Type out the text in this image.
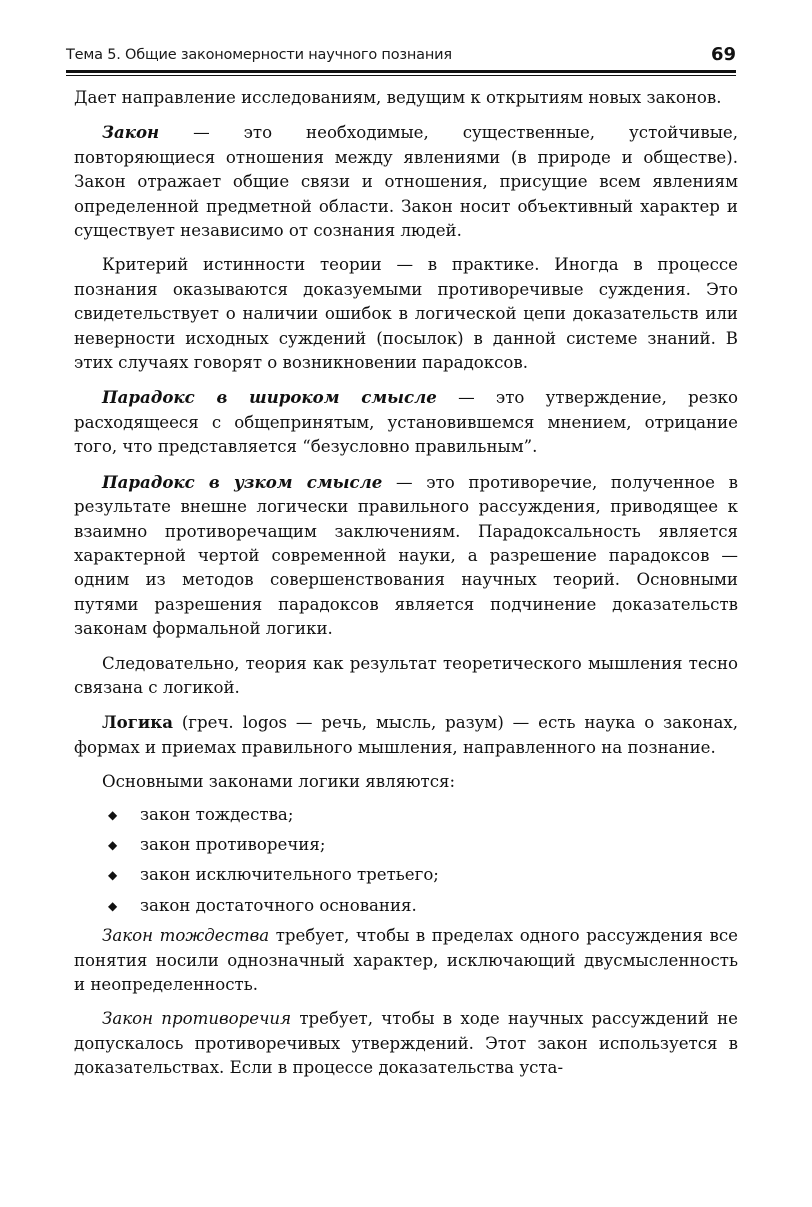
Тема 5. Общие закономерности научного познания	69

Дает направление исследованиям, ведущим к открытиям новых законов.

Закон — это необходимые, существенные, устойчивые, повторяющиеся отношения между явлениями (в природе и обществе). Закон отражает общие связи и отношения, присущие всем явлениям определенной предметной области. Закон носит объективный характер и существует независимо от сознания людей.

Критерий истинности теории — в практике. Иногда в процессе познания оказываются доказуемыми противоречивые суждения. Это свидетельствует о наличии ошибок в логической цепи доказательств или неверности исходных суждений (посылок) в данной системе знаний. В этих случаях говорят о возникновении парадоксов.

Парадокс в широком смысле — это утверждение, резко расходящееся с общепринятым, установившемся мнением, отрицание того, что представляется “безусловно правильным”.

Парадокс в узком смысле — это противоречие, полученное в результате внешне логически правильного рассуждения, приводящее к взаимно противоречащим заключениям. Парадоксальность является характерной чертой современной науки, а разрешение парадоксов — одним из методов совершенствования научных теорий. Основными путями разрешения парадоксов является подчинение доказательств законам формальной логики.

Следовательно, теория как результат теоретического мышления тесно связана с логикой.

Логика (греч. logos — речь, мысль, разум) — есть наука о законах, формах и приемах правильного мышления, направленного на познание.

Основными законами логики являются:

◆ закон тождества;
◆ закон противоречия;
◆ закон исключительного третьего;
◆ закон достаточного основания.

Закон тождества требует, чтобы в пределах одного рассуждения все понятия носили однозначный характер, исключающий двусмысленность и неопределенность.

Закон противоречия требует, чтобы в ходе научных рассуждений не допускалось противоречивых утверждений. Этот закон используется в доказательствах. Если в процессе доказательства уста-
